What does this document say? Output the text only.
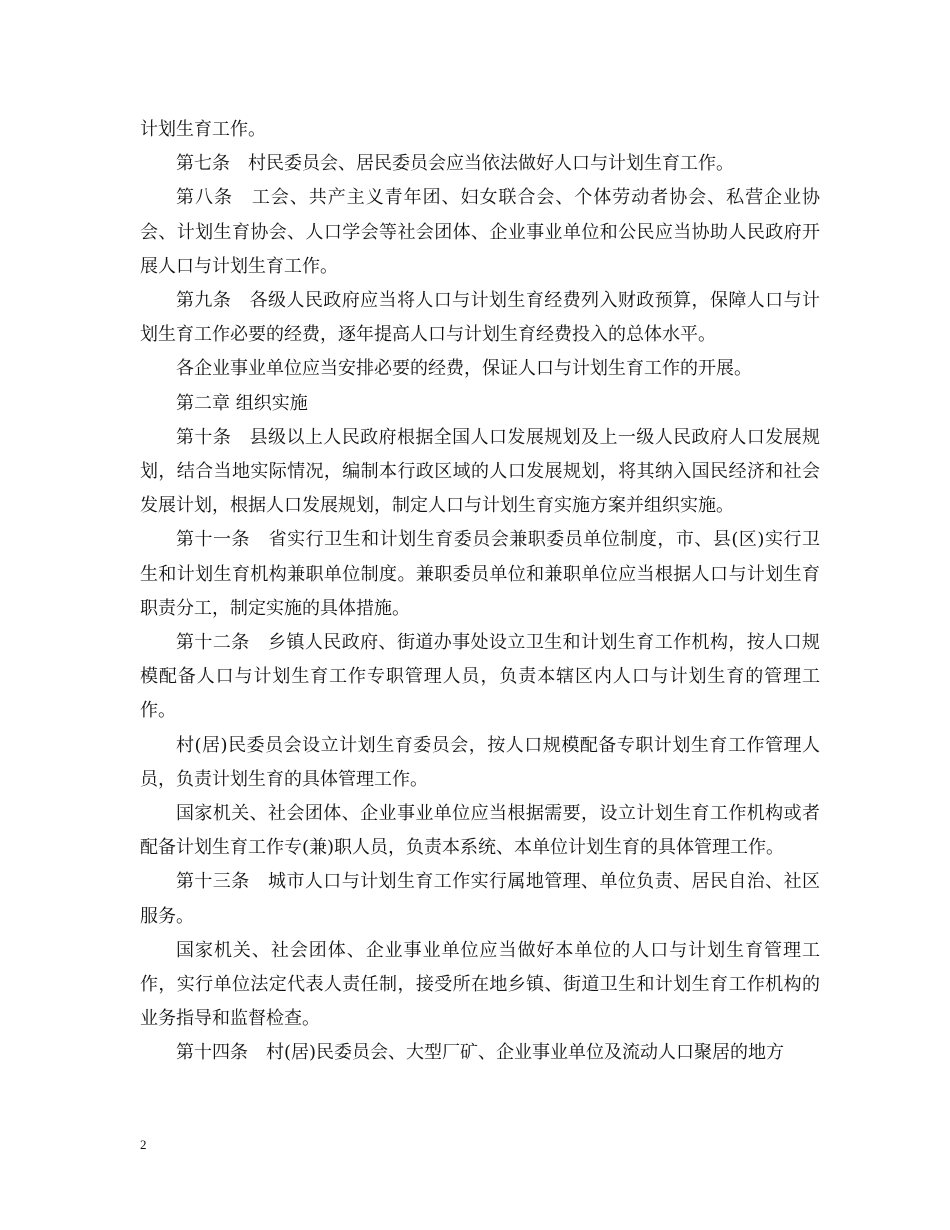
计划生育工作。

第七条　村民委员会、居民委员会应当依法做好人口与计划生育工作。

第八条　工会、共产主义青年团、妇女联合会、个体劳动者协会、私营企业协会、计划生育协会、人口学会等社会团体、企业事业单位和公民应当协助人民政府开展人口与计划生育工作。

第九条　各级人民政府应当将人口与计划生育经费列入财政预算，保障人口与计划生育工作必要的经费，逐年提高人口与计划生育经费投入的总体水平。

各企业事业单位应当安排必要的经费，保证人口与计划生育工作的开展。

第二章 组织实施

第十条　县级以上人民政府根据全国人口发展规划及上一级人民政府人口发展规划，结合当地实际情况，编制本行政区域的人口发展规划，将其纳入国民经济和社会发展计划，根据人口发展规划，制定人口与计划生育实施方案并组织实施。

第十一条　省实行卫生和计划生育委员会兼职委员单位制度，市、县(区)实行卫生和计划生育机构兼职单位制度。兼职委员单位和兼职单位应当根据人口与计划生育职责分工，制定实施的具体措施。

第十二条　乡镇人民政府、街道办事处设立卫生和计划生育工作机构，按人口规模配备人口与计划生育工作专职管理人员，负责本辖区内人口与计划生育的管理工作。

村(居)民委员会设立计划生育委员会，按人口规模配备专职计划生育工作管理人员，负责计划生育的具体管理工作。

国家机关、社会团体、企业事业单位应当根据需要，设立计划生育工作机构或者配备计划生育工作专(兼)职人员，负责本系统、本单位计划生育的具体管理工作。

第十三条　城市人口与计划生育工作实行属地管理、单位负责、居民自治、社区服务。

国家机关、社会团体、企业事业单位应当做好本单位的人口与计划生育管理工作，实行单位法定代表人责任制，接受所在地乡镇、街道卫生和计划生育工作机构的业务指导和监督检查。

第十四条　村(居)民委员会、大型厂矿、企业事业单位及流动人口聚居的地方

2
